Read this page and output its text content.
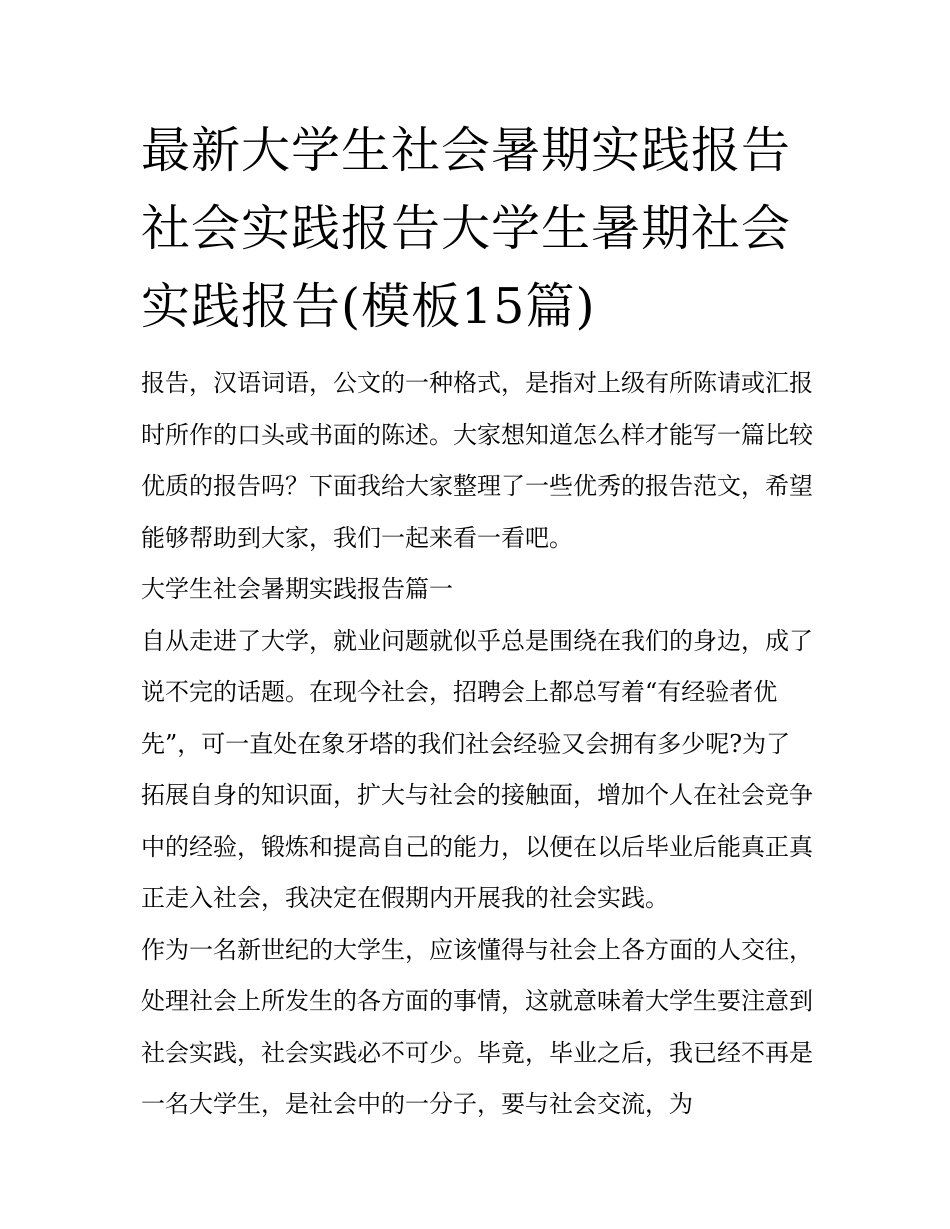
最新大学生社会暑期实践报告社会实践报告大学生暑期社会实践报告(模板15篇)

报告，汉语词语，公文的一种格式，是指对上级有所陈请或汇报时所作的口头或书面的陈述。大家想知道怎么样才能写一篇比较优质的报告吗？下面我给大家整理了一些优秀的报告范文，希望能够帮助到大家，我们一起来看一看吧。

大学生社会暑期实践报告篇一

自从走进了大学，就业问题就似乎总是围绕在我们的身边，成了说不完的话题。在现今社会，招聘会上都总写着“有经验者优先”，可一直处在象牙塔的我们社会经验又会拥有多少呢?为了拓展自身的知识面，扩大与社会的接触面，增加个人在社会竞争中的经验，锻炼和提高自己的能力，以便在以后毕业后能真正真正走入社会，我决定在假期内开展我的社会实践。

作为一名新世纪的大学生，应该懂得与社会上各方面的人交往，处理社会上所发生的各方面的事情，这就意味着大学生要注意到社会实践，社会实践必不可少。毕竟，毕业之后，我已经不再是一名大学生，是社会中的一分子，要与社会交流，为
